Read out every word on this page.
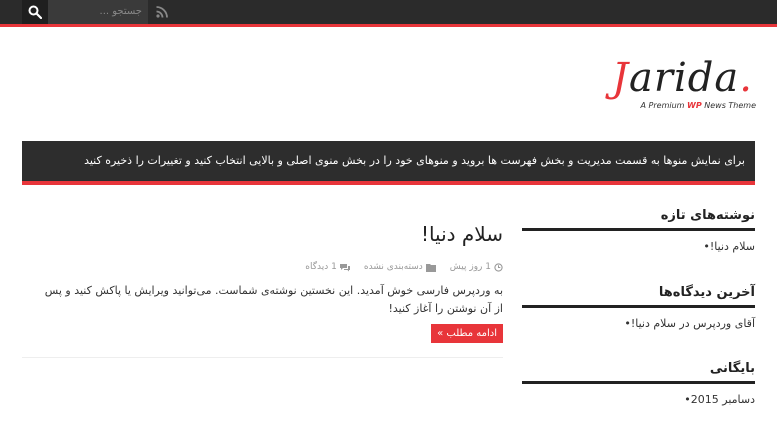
جستجو ...
Jarida.
A Premium WP News Theme
برای نمایش منوها به قسمت مدیریت و بخش فهرست ها بروید و منوهای خود را در بخش منوی اصلی و بالایی انتخاب کنید و تغییرات را ذخیره کنید
سلام دنیا!
1 روز پیش
دسته‌بندی نشده
1 دیدگاه
به وردپرس فارسی خوش آمدید. این نخستین نوشته‌ی شماست. می‌توانید ویرایش یا پاکش کنید و پس از آن نوشتن را آغاز کنید!
ادامه مطلب »
نوشته‌های تازه
سلام دنیا!•
آخرین دیدگاه‌ها
آقای وردپرس در سلام دنیا!•
بایگانی
دسامبر 2015•
